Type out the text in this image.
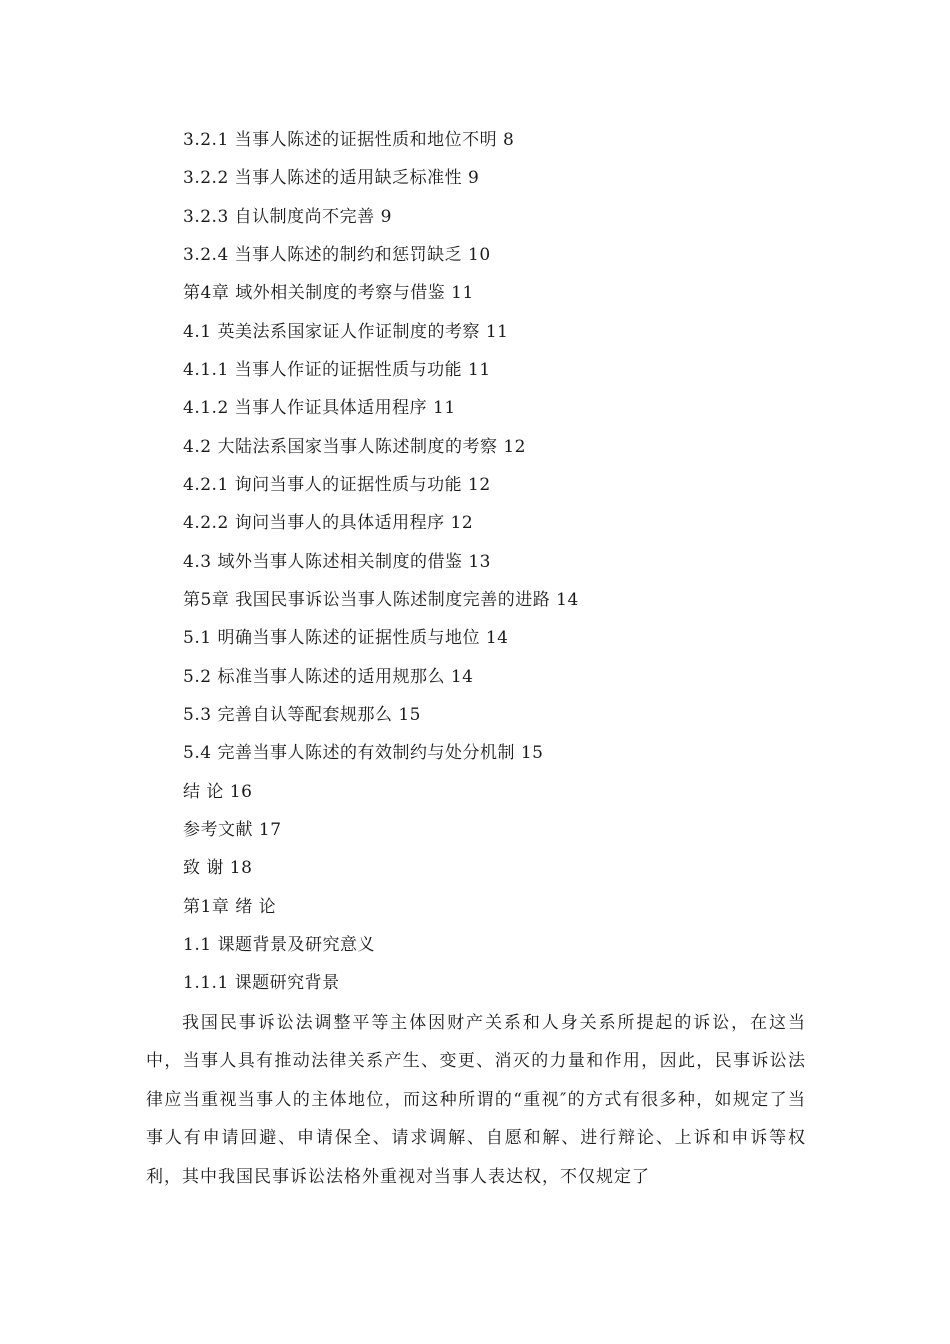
3.2.1 当事人陈述的证据性质和地位不明 8
3.2.2 当事人陈述的适用缺乏标准性 9
3.2.3 自认制度尚不完善 9
3.2.4 当事人陈述的制约和惩罚缺乏 10
第4章 域外相关制度的考察与借鉴 11
4.1 英美法系国家证人作证制度的考察 11
4.1.1 当事人作证的证据性质与功能 11
4.1.2 当事人作证具体适用程序 11
4.2 大陆法系国家当事人陈述制度的考察 12
4.2.1 询问当事人的证据性质与功能 12
4.2.2 询问当事人的具体适用程序 12
4.3 域外当事人陈述相关制度的借鉴 13
第5章 我国民事诉讼当事人陈述制度完善的进路 14
5.1 明确当事人陈述的证据性质与地位 14
5.2 标准当事人陈述的适用规那么 14
5.3 完善自认等配套规那么 15
5.4 完善当事人陈述的有效制约与处分机制 15
结 论 16
参考文献 17
致 谢 18
第1章 绪 论
1.1 课题背景及研究意义
1.1.1 课题研究背景
我国民事诉讼法调整平等主体因财产关系和人身关系所提起的诉讼，在这当中，当事人具有推动法律关系产生、变更、消灭的力量和作用，因此，民事诉讼法律应当重视当事人的主体地位，而这种所谓的“重视″的方式有很多种，如规定了当事人有申请回避、申请保全、请求调解、自愿和解、进行辩论、上诉和申诉等权利，其中我国民事诉讼法格外重视对当事人表达权，不仅规定了
